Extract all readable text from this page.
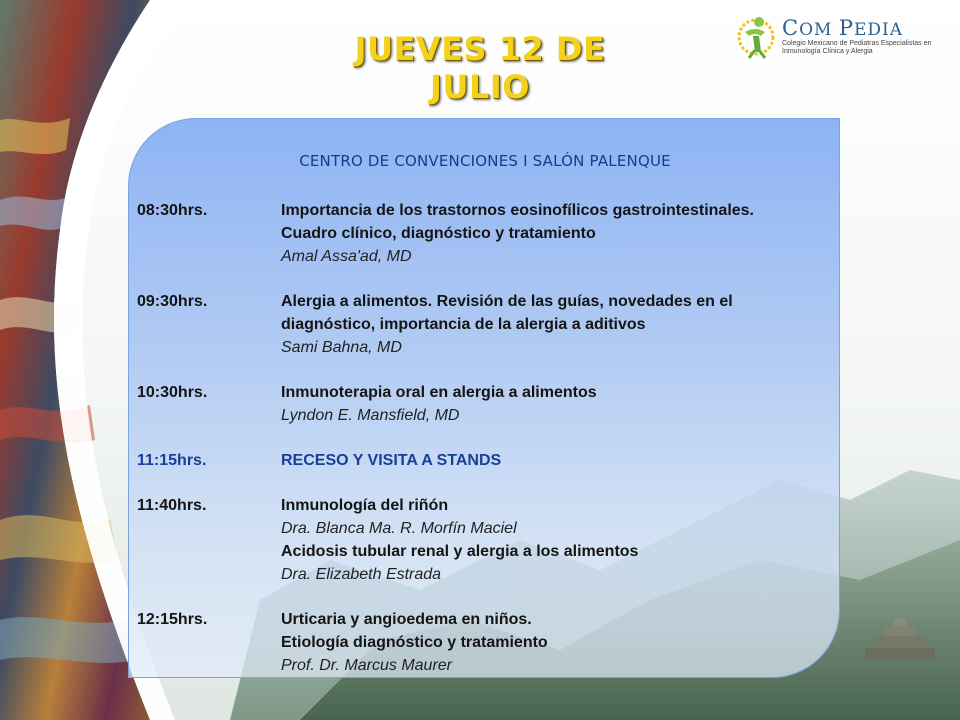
JUEVES 12 DE JULIO
COM PEDIA
Colegio Mexicano de Pediatras Especialistas en Inmunología Clínica y Alergia
CENTRO DE CONVENCIONES I SALÓN PALENQUE
08:30hrs.	Importancia de los trastornos eosinofílicos gastrointestinales.
Cuadro clínico, diagnóstico y tratamiento
Amal Assa'ad, MD
09:30hrs.	Alergia a alimentos. Revisión de las guías, novedades en el
diagnóstico, importancia de la alergia a aditivos
Sami Bahna, MD
10:30hrs.	Inmunoterapia oral en alergia a alimentos
Lyndon E. Mansfield, MD
11:15hrs.	RECESO Y VISITA A STANDS
11:40hrs.	Inmunología del riñón
Dra. Blanca Ma. R. Morfín Maciel
Acidosis tubular renal y alergia a los alimentos
Dra. Elizabeth Estrada
12:15hrs.	Urticaria y angioedema en niños.
Etiología diagnóstico y tratamiento
Prof. Dr. Marcus Maurer
